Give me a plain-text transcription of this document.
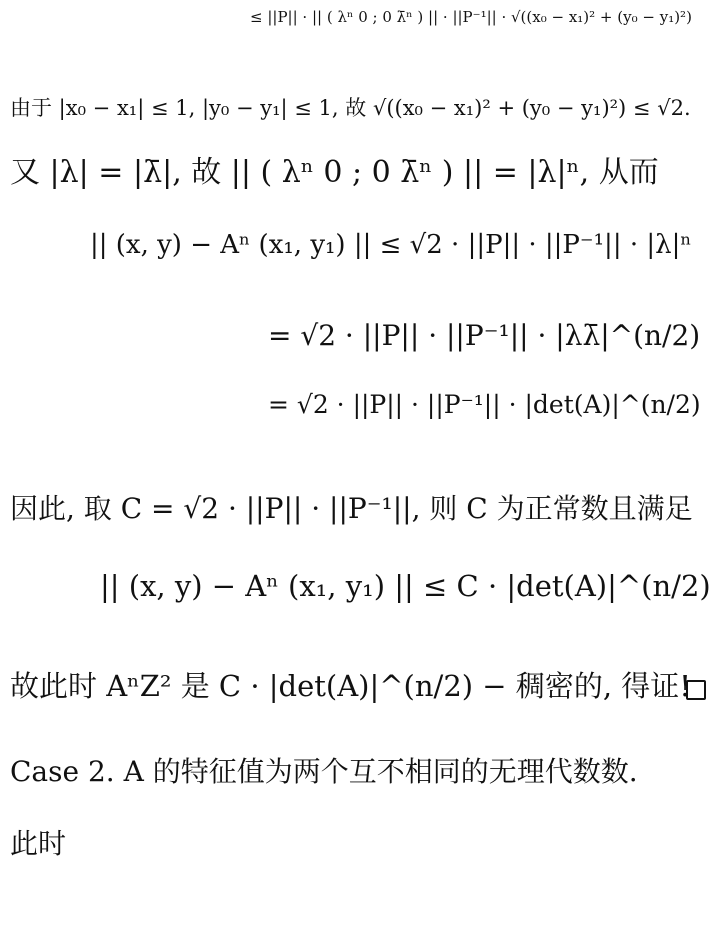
≤ ||P|| · || ( λⁿ 0 ; 0 λ̄ⁿ ) || · ||P⁻¹|| · √((x₀ − x₁)² + (y₀ − y₁)²)
由于 |x₀ − x₁| ≤ 1, |y₀ − y₁| ≤ 1, 故 √((x₀ − x₁)² + (y₀ − y₁)²) ≤ √2.
又 |λ| = |λ̄|, 故 || ( λⁿ 0 ; 0 λ̄ⁿ ) || = |λ|ⁿ, 从而
|| (x, y) − Aⁿ (x₁, y₁) || ≤ √2 · ||P|| · ||P⁻¹|| · |λ|ⁿ
= √2 · ||P|| · ||P⁻¹|| · |λλ̄|^(n/2)
= √2 · ||P|| · ||P⁻¹|| · |det(A)|^(n/2)
因此, 取 C = √2 · ||P|| · ||P⁻¹||, 则 C 为正常数且满足
|| (x, y) − Aⁿ (x₁, y₁) || ≤ C · |det(A)|^(n/2)
故此时 AⁿZ² 是 C · |det(A)|^(n/2) − 稠密的, 得证!
Case 2. A 的特征值为两个互不相同的无理代数数.
此时
